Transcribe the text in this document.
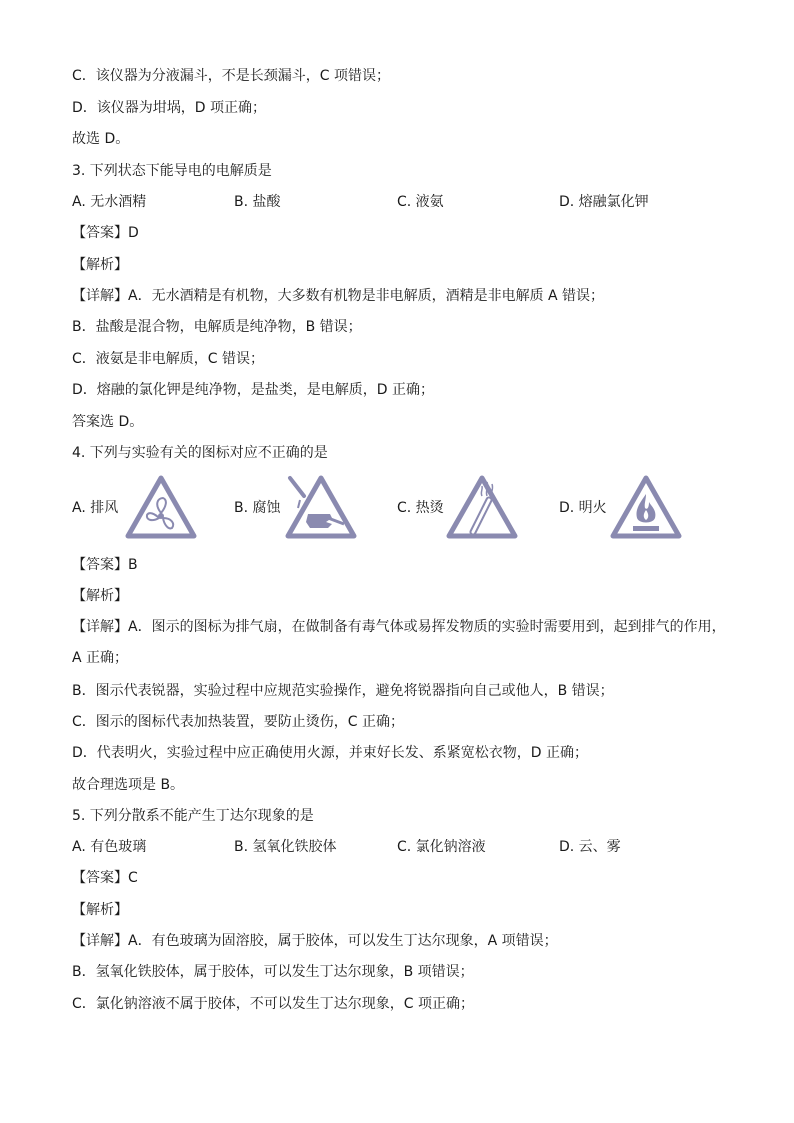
C．该仪器为分液漏斗，不是长颈漏斗，C 项错误；
D．该仪器为坩埚，D 项正确；
故选 D。
3. 下列状态下能导电的电解质是
A. 无水酒精	B. 盐酸	C. 液氨	D. 熔融氯化钾
【答案】D
【解析】
【详解】A．无水酒精是有机物，大多数有机物是非电解质，酒精是非电解质 A 错误；
B．盐酸是混合物，电解质是纯净物，B 错误；
C．液氨是非电解质，C 错误；
D．熔融的氯化钾是纯净物，是盐类，是电解质，D 正确；
答案选 D。
4. 下列与实验有关的图标对应不正确的是
A. 排风	B. 腐蚀	C. 热烫	D. 明火
【答案】B
【解析】
【详解】A．图示的图标为排气扇，在做制备有毒气体或易挥发物质的实验时需要用到，起到排气的作用，A 正确；
B．图示代表锐器，实验过程中应规范实验操作，避免将锐器指向自己或他人，B 错误；
C．图示的图标代表加热装置，要防止烫伤，C 正确；
D．代表明火，实验过程中应正确使用火源，并束好长发、系紧宽松衣物，D 正确；
故合理选项是 B。
5. 下列分散系不能产生丁达尔现象的是
A. 有色玻璃	B. 氢氧化铁胶体	C. 氯化钠溶液	D. 云、雾
【答案】C
【解析】
【详解】A．有色玻璃为固溶胶，属于胶体，可以发生丁达尔现象，A 项错误；
B．氢氧化铁胶体，属于胶体，可以发生丁达尔现象，B 项错误；
C．氯化钠溶液不属于胶体，不可以发生丁达尔现象，C 项正确；
